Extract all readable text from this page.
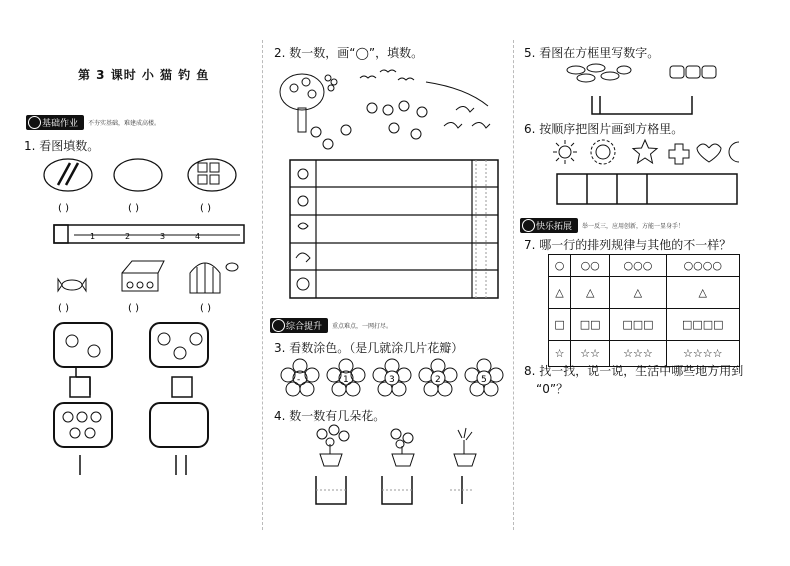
第 3 课时 小 猫 钓 鱼
基础作业	不夯实基础，难建成高楼。
1. 看图填数。
( )	( )	( )
1	2	3	4
( )	( )	( )
2. 数一数，画“◯”，填数。
综合提升	重点难点，一网打尽。
3. 看数涂色。（是几就涂几片花瓣）
-	1	3	2	5
4. 数一数有几朵花。
5. 看图在方框里写数字。
6. 按顺序把图片画到方格里。
快乐拓展	举一反三，应用创新，方能一显身手！
7. 哪一行的排列规律与其他的不一样？
○	○○	○○○	○○○○
△	△	△	△
□	□□	□□□	□□□□
☆	☆☆	☆☆☆	☆☆☆☆
8. 找一找，说一说，生活中哪些地方用到
“0”？
